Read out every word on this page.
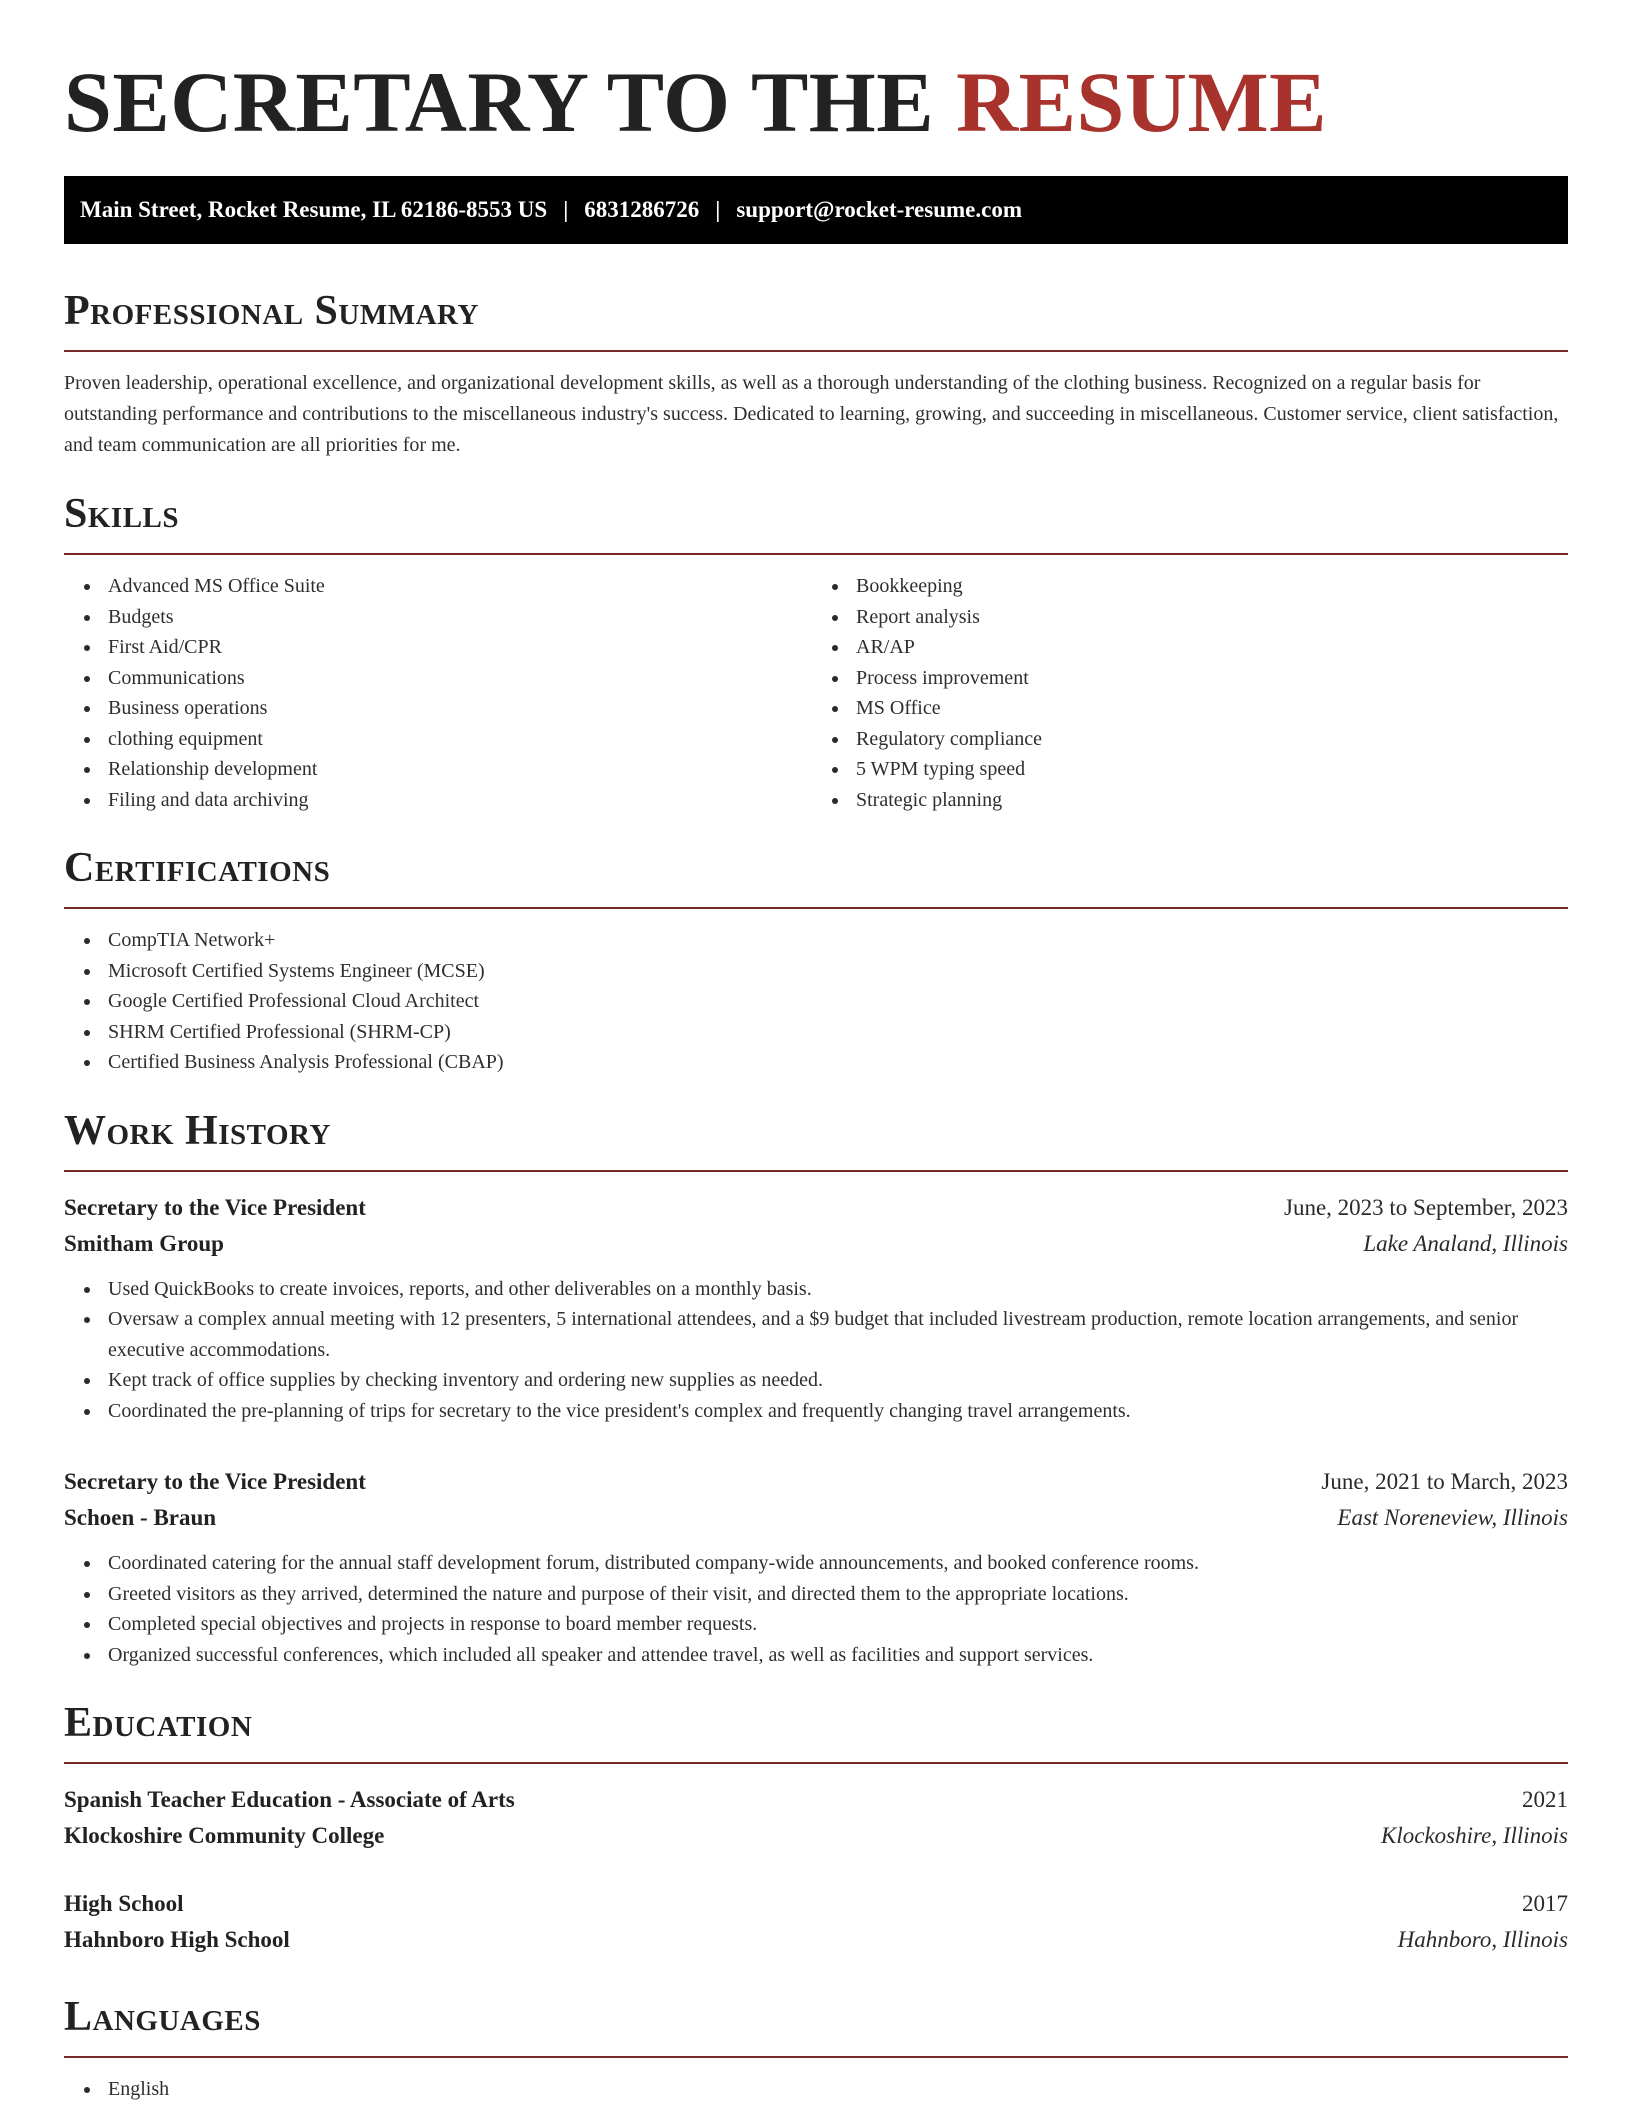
SECRETARY TO THE RESUME
Main Street, Rocket Resume, IL 62186-8553 US | 6831286726 | support@rocket-resume.com
Professional Summary

Proven leadership, operational excellence, and organizational development skills, as well as a thorough understanding of the clothing business. Recognized on a regular basis for outstanding performance and contributions to the miscellaneous industry's success. Dedicated to learning, growing, and succeeding in miscellaneous. Customer service, client satisfaction, and team communication are all priorities for me.

Skills
Advanced MS Office Suite
Budgets
First Aid/CPR
Communications
Business operations
clothing equipment
Relationship development
Filing and data archiving
Bookkeeping
Report analysis
AR/AP
Process improvement
MS Office
Regulatory compliance
5 WPM typing speed
Strategic planning
Certifications
CompTIA Network+
Microsoft Certified Systems Engineer (MCSE)
Google Certified Professional Cloud Architect
SHRM Certified Professional (SHRM-CP)
Certified Business Analysis Professional (CBAP)
Work History
Secretary to the Vice President	June, 2023 to September, 2023
Smitham Group	Lake Analand, Illinois
Used QuickBooks to create invoices, reports, and other deliverables on a monthly basis.
Oversaw a complex annual meeting with 12 presenters, 5 international attendees, and a $9 budget that included livestream production, remote location arrangements, and senior executive accommodations.
Kept track of office supplies by checking inventory and ordering new supplies as needed.
Coordinated the pre-planning of trips for secretary to the vice president's complex and frequently changing travel arrangements.
Secretary to the Vice President	June, 2021 to March, 2023
Schoen - Braun	East Noreneview, Illinois
Coordinated catering for the annual staff development forum, distributed company-wide announcements, and booked conference rooms.
Greeted visitors as they arrived, determined the nature and purpose of their visit, and directed them to the appropriate locations.
Completed special objectives and projects in response to board member requests.
Organized successful conferences, which included all speaker and attendee travel, as well as facilities and support services.
Education
Spanish Teacher Education - Associate of Arts	2021
Klockoshire Community College	Klockoshire, Illinois
High School	2017
Hahnboro High School	Hahnboro, Illinois
Languages
English
